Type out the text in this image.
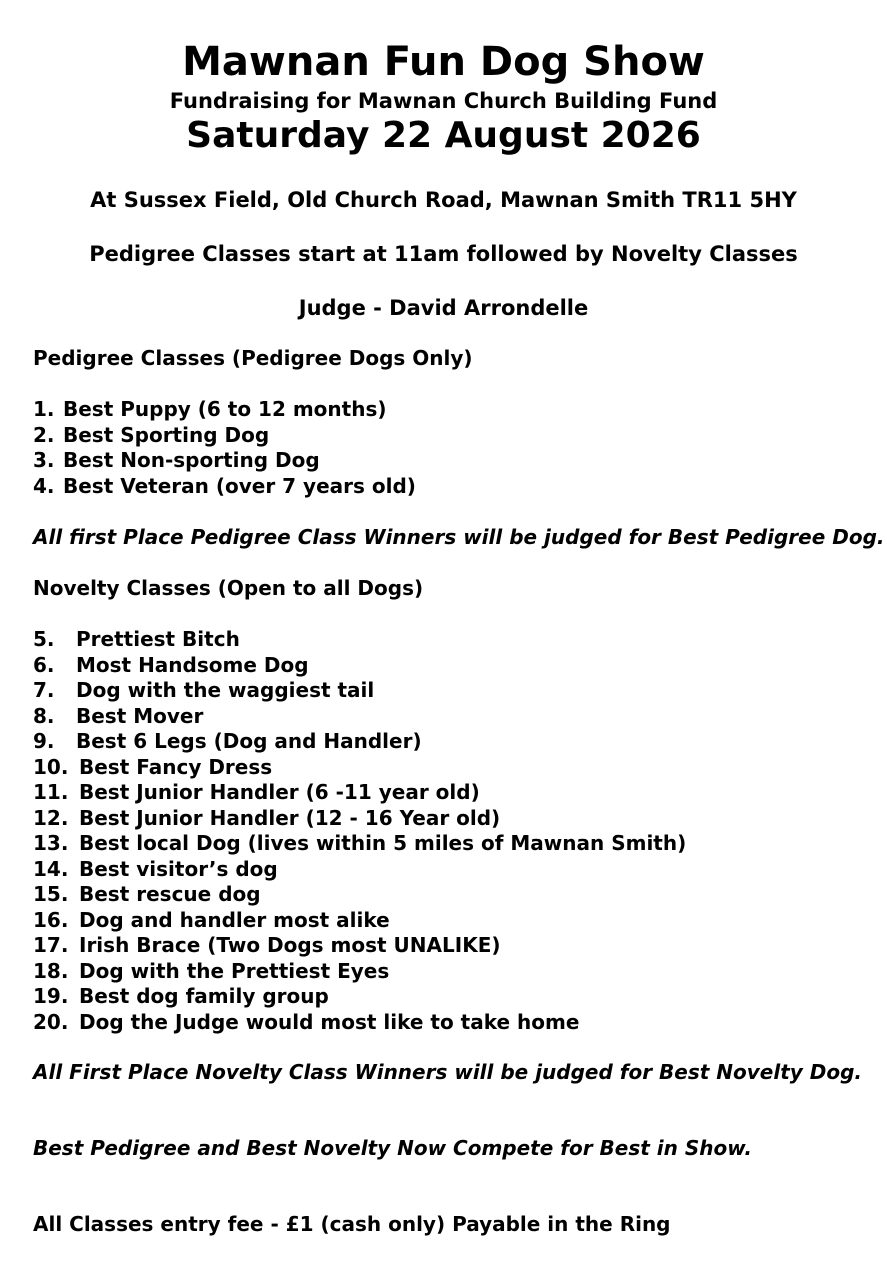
Mawnan Fun Dog Show
Fundraising for Mawnan Church Building Fund
Saturday 22 August 2026
At Sussex Field, Old Church Road, Mawnan Smith TR11 5HY
Pedigree Classes start at 11am followed by Novelty Classes
Judge - David Arrondelle
Pedigree Classes (Pedigree Dogs Only)
1. Best Puppy (6 to 12 months)
2. Best Sporting Dog
3. Best Non-sporting Dog
4. Best Veteran (over 7 years old)
All first Place Pedigree Class Winners will be judged for Best Pedigree Dog.
Novelty Classes (Open to all Dogs)
5. Prettiest Bitch
6. Most Handsome Dog
7. Dog with the waggiest tail
8. Best Mover
9. Best 6 Legs (Dog and Handler)
10. Best Fancy Dress
11. Best Junior Handler (6 -11 year old)
12. Best Junior Handler (12 - 16 Year old)
13. Best local Dog (lives within 5 miles of Mawnan Smith)
14. Best visitor’s dog
15. Best rescue dog
16. Dog and handler most alike
17. Irish Brace (Two Dogs most UNALIKE)
18. Dog with the Prettiest Eyes
19. Best dog family group
20. Dog the Judge would most like to take home
All First Place Novelty Class Winners will be judged for Best Novelty Dog.
Best Pedigree and Best Novelty Now Compete for Best in Show.
All Classes entry fee - £1 (cash only) Payable in the Ring
